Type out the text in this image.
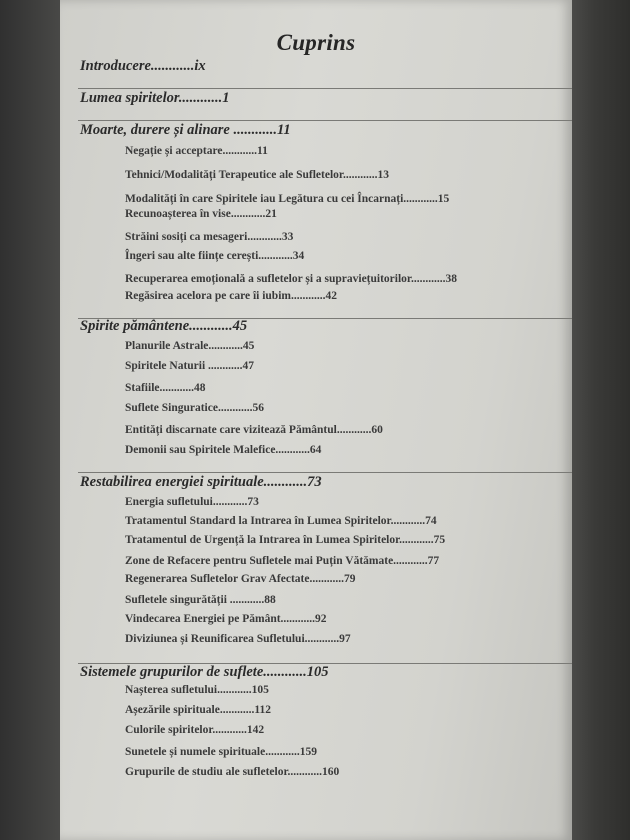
Cuprins
Introducere............ix
Lumea spiritelor............1
Moarte, durere și alinare ............11
Negație și acceptare............11
Tehnici/Modalități Terapeutice ale Sufletelor............13
Modalități în care Spiritele iau Legătura cu cei Încarnați............15
Recunoașterea în vise............21
Străini sosiți ca mesageri............33
Îngeri sau alte ființe cerești............34
Recuperarea emoțională a sufletelor și a supraviețuitorilor............38
Regăsirea acelora pe care îi iubim............42
Spirite pământene............45
Planurile Astrale............45
Spiritele Naturii ............47
Stafiile............48
Suflete Singuratice............56
Entități discarnate care vizitează Pământul............60
Demonii sau Spiritele Malefice............64
Restabilirea energiei spirituale............73
Energia sufletului............73
Tratamentul Standard la Intrarea în Lumea Spiritelor............74
Tratamentul de Urgență la Intrarea în Lumea Spiritelor............75
Zone de Refacere pentru Sufletele mai Puțin Vătămate............77
Regenerarea Sufletelor Grav Afectate............79
Sufletele singurătății ............88
Vindecarea Energiei pe Pământ............92
Diviziunea și Reunificarea Sufletului............97
Sistemele grupurilor de suflete............105
Nașterea sufletului............105
Așezările spirituale............112
Culorile spiritelor............142
Sunetele și numele spirituale............159
Grupurile de studiu ale sufletelor............160
